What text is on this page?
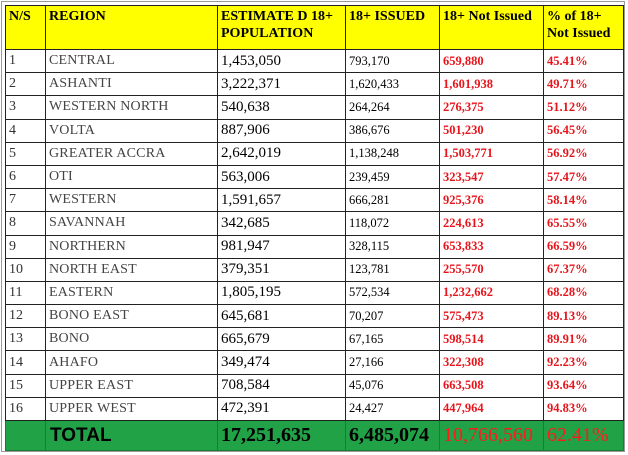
N/S	REGION	ESTIMATE D 18+ POPULATION	18+ ISSUED	18+ Not Issued	% of 18+ Not Issued
1	CENTRAL	1,453,050	793,170	659,880	45.41%
2	ASHANTI	3,222,371	1,620,433	1,601,938	49.71%
3	WESTERN NORTH	540,638	264,264	276,375	51.12%
4	VOLTA	887,906	386,676	501,230	56.45%
5	GREATER ACCRA	2,642,019	1,138,248	1,503,771	56.92%
6	OTI	563,006	239,459	323,547	57.47%
7	WESTERN	1,591,657	666,281	925,376	58.14%
8	SAVANNAH	342,685	118,072	224,613	65.55%
9	NORTHERN	981,947	328,115	653,833	66.59%
10	NORTH EAST	379,351	123,781	255,570	67.37%
11	EASTERN	1,805,195	572,534	1,232,662	68.28%
12	BONO EAST	645,681	70,207	575,473	89.13%
13	BONO	665,679	67,165	598,514	89.91%
14	AHAFO	349,474	27,166	322,308	92.23%
15	UPPER EAST	708,584	45,076	663,508	93.64%
16	UPPER WEST	472,391	24,427	447,964	94.83%
	TOTAL	17,251,635	6,485,074	10,766,560	62.41%
